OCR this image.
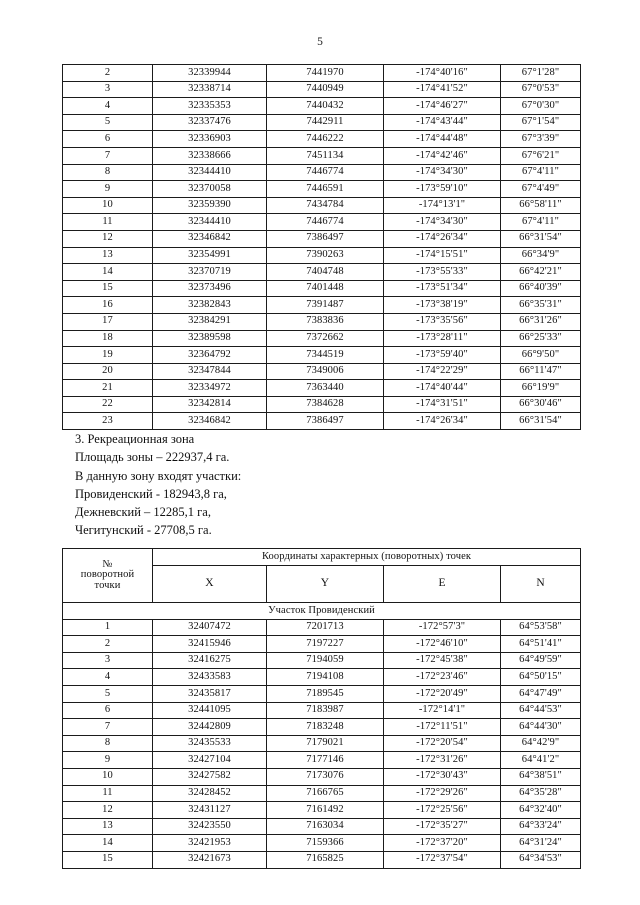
5
2	32339944	7441970	-174°40'16"	67°1'28"
3	32338714	7440949	-174°41'52"	67°0'53"
4	32335353	7440432	-174°46'27"	67°0'30"
5	32337476	7442911	-174°43'44"	67°1'54"
6	32336903	7446222	-174°44'48"	67°3'39"
7	32338666	7451134	-174°42'46"	67°6'21"
8	32344410	7446774	-174°34'30"	67°4'11"
9	32370058	7446591	-173°59'10"	67°4'49"
10	32359390	7434784	-174°13'1"	66°58'11"
11	32344410	7446774	-174°34'30"	67°4'11"
12	32346842	7386497	-174°26'34"	66°31'54"
13	32354991	7390263	-174°15'51"	66°34'9"
14	32370719	7404748	-173°55'33"	66°42'21"
15	32373496	7401448	-173°51'34"	66°40'39"
16	32382843	7391487	-173°38'19"	66°35'31"
17	32384291	7383836	-173°35'56"	66°31'26"
18	32389598	7372662	-173°28'11"	66°25'33"
19	32364792	7344519	-173°59'40"	66°9'50"
20	32347844	7349006	-174°22'29"	66°11'47"
21	32334972	7363440	-174°40'44"	66°19'9"
22	32342814	7384628	-174°31'51"	66°30'46"
23	32346842	7386497	-174°26'34"	66°31'54"
3. Рекреационная зона
Площадь зоны – 222937,4 га.
В данную зону входят участки:
Провиденский - 182943,8 га,
Дежневский – 12285,1 га,
Чегитунский - 27708,5 га.
№
поворотной
точки	Координаты характерных (поворотных) точек			
	X	Y	E	N
Участок Провиденский				
1	32407472	7201713	-172°57'3"	64°53'58"
2	32415946	7197227	-172°46'10"	64°51'41"
3	32416275	7194059	-172°45'38"	64°49'59"
4	32433583	7194108	-172°23'46"	64°50'15"
5	32435817	7189545	-172°20'49"	64°47'49"
6	32441095	7183987	-172°14'1"	64°44'53"
7	32442809	7183248	-172°11'51"	64°44'30"
8	32435533	7179021	-172°20'54"	64°42'9"
9	32427104	7177146	-172°31'26"	64°41'2"
10	32427582	7173076	-172°30'43"	64°38'51"
11	32428452	7166765	-172°29'26"	64°35'28"
12	32431127	7161492	-172°25'56"	64°32'40"
13	32423550	7163034	-172°35'27"	64°33'24"
14	32421953	7159366	-172°37'20"	64°31'24"
15	32421673	7165825	-172°37'54"	64°34'53"
